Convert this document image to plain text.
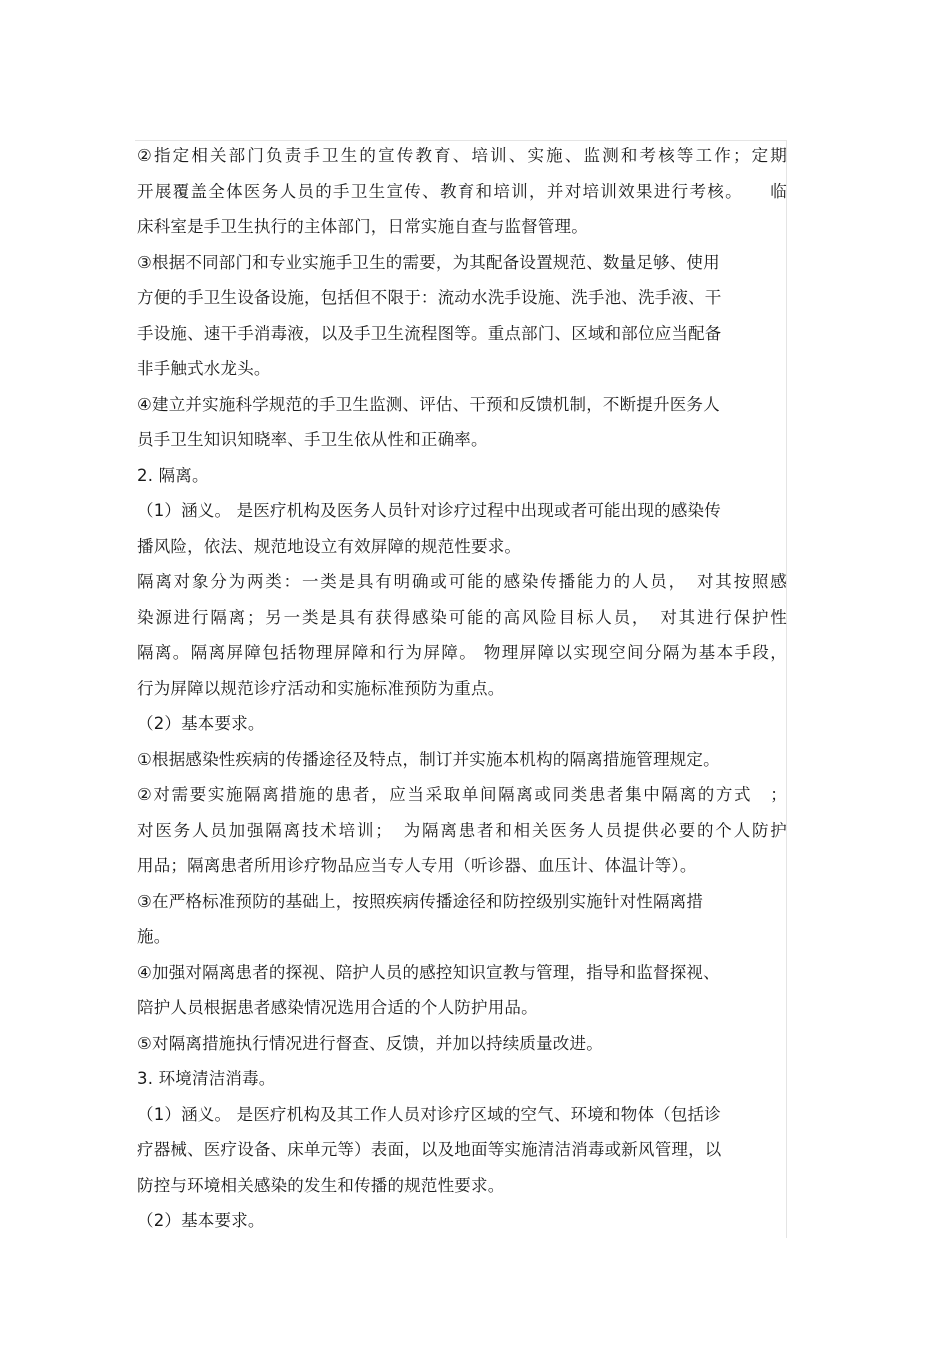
②指定相关部门负责手卫生的宣传教育、培训、实施、监测和考核等工作；定期

开展覆盖全体医务人员的手卫生宣传、教育和培训，并对培训效果进行考核。　　临

床科室是手卫生执行的主体部门，日常实施自查与监督管理。

③根据不同部门和专业实施手卫生的需要，为其配备设置规范、数量足够、使用

方便的手卫生设备设施，包括但不限于：流动水洗手设施、洗手池、洗手液、干

手设施、速干手消毒液，以及手卫生流程图等。重点部门、区域和部位应当配备

非手触式水龙头。

④建立并实施科学规范的手卫生监测、评估、干预和反馈机制，不断提升医务人

员手卫生知识知晓率、手卫生依从性和正确率。

2. 隔离。

（1）涵义。 是医疗机构及医务人员针对诊疗过程中出现或者可能出现的感染传

播风险，依法、规范地设立有效屏障的规范性要求。

隔离对象分为两类：一类是具有明确或可能的感染传播能力的人员，　对其按照感

染源进行隔离；另一类是具有获得感染可能的高风险目标人员，　对其进行保护性

隔离。隔离屏障包括物理屏障和行为屏障。 物理屏障以实现空间分隔为基本手段，

行为屏障以规范诊疗活动和实施标准预防为重点。

（2）基本要求。

①根据感染性疾病的传播途径及特点，制订并实施本机构的隔离措施管理规定。

②对需要实施隔离措施的患者，应当采取单间隔离或同类患者集中隔离的方式　；

对医务人员加强隔离技术培训；　为隔离患者和相关医务人员提供必要的个人防护

用品；隔离患者所用诊疗物品应当专人专用（听诊器、血压计、体温计等）。

③在严格标准预防的基础上，按照疾病传播途径和防控级别实施针对性隔离措

施。

④加强对隔离患者的探视、陪护人员的感控知识宣教与管理，指导和监督探视、

陪护人员根据患者感染情况选用合适的个人防护用品。

⑤对隔离措施执行情况进行督查、反馈，并加以持续质量改进。

3. 环境清洁消毒。

（1）涵义。 是医疗机构及其工作人员对诊疗区域的空气、环境和物体（包括诊

疗器械、医疗设备、床单元等）表面，以及地面等实施清洁消毒或新风管理，以

防控与环境相关感染的发生和传播的规范性要求。

（2）基本要求。
